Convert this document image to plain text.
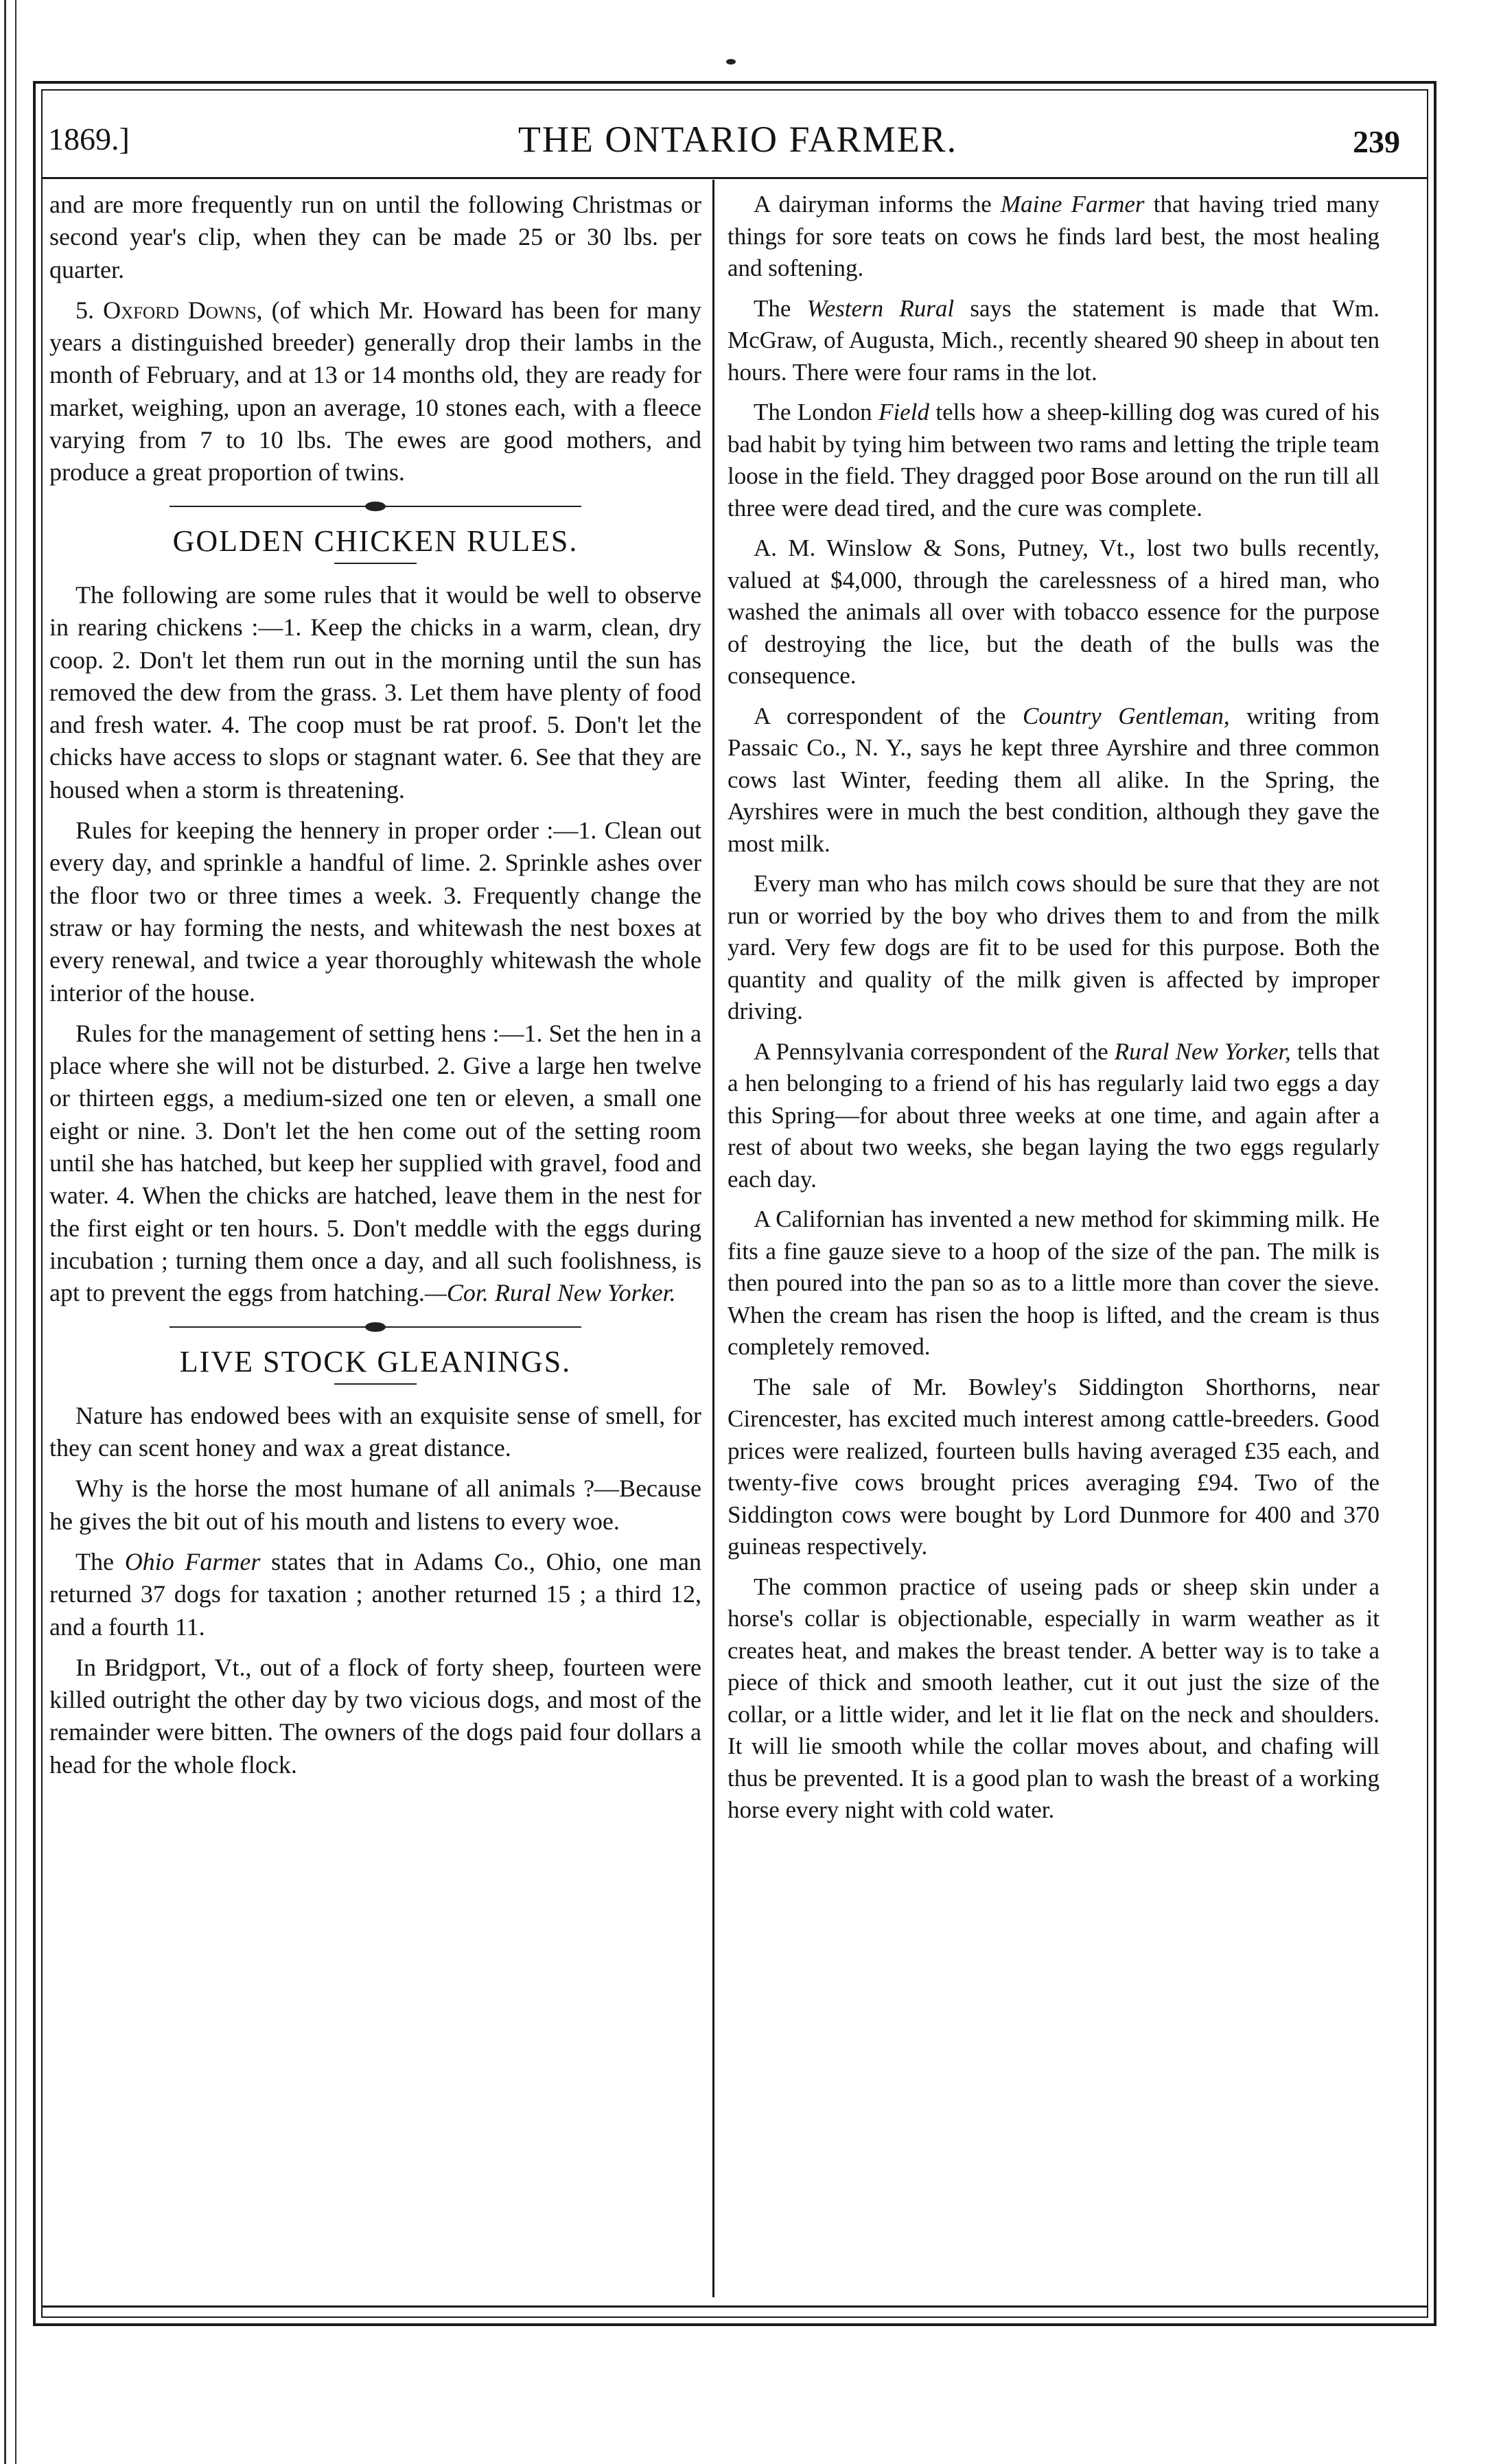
1869.]	THE ONTARIO FARMER.	239

and are more frequently run on until the following Christmas or second year's clip, when they can be made 25 or 30 lbs. per quarter.

5. Oxford Downs, (of which Mr. Howard has been for many years a distinguished breeder) generally drop their lambs in the month of February, and at 13 or 14 months old, they are ready for market, weighing, upon an average, 10 stones each, with a fleece varying from 7 to 10 lbs. The ewes are good mothers, and produce a great proportion of twins.

GOLDEN CHICKEN RULES.

The following are some rules that it would be well to observe in rearing chickens :—1. Keep the chicks in a warm, clean, dry coop. 2. Don't let them run out in the morning until the sun has removed the dew from the grass. 3. Let them have plenty of food and fresh water. 4. The coop must be rat proof. 5. Don't let the chicks have access to slops or stagnant water. 6. See that they are housed when a storm is threatening.

Rules for keeping the hennery in proper order :—1. Clean out every day, and sprinkle a handful of lime. 2. Sprinkle ashes over the floor two or three times a week. 3. Frequently change the straw or hay forming the nests, and whitewash the nest boxes at every renewal, and twice a year thoroughly whitewash the whole interior of the house.

Rules for the management of setting hens :—1. Set the hen in a place where she will not be disturbed. 2. Give a large hen twelve or thirteen eggs, a medium-sized one ten or eleven, a small one eight or nine. 3. Don't let the hen come out of the setting room until she has hatched, but keep her supplied with gravel, food and water. 4. When the chicks are hatched, leave them in the nest for the first eight or ten hours. 5. Don't meddle with the eggs during incubation ; turning them once a day, and all such foolishness, is apt to prevent the eggs from hatching.—Cor. Rural New Yorker.

LIVE STOCK GLEANINGS.

Nature has endowed bees with an exquisite sense of smell, for they can scent honey and wax a great distance.

Why is the horse the most humane of all animals ?—Because he gives the bit out of his mouth and listens to every woe.

The Ohio Farmer states that in Adams Co., Ohio, one man returned 37 dogs for taxation ; another returned 15 ; a third 12, and a fourth 11.

In Bridgport, Vt., out of a flock of forty sheep, fourteen were killed outright the other day by two vicious dogs, and most of the remainder were bitten. The owners of the dogs paid four dollars a head for the whole flock.

A dairyman informs the Maine Farmer that having tried many things for sore teats on cows he finds lard best, the most healing and softening.

The Western Rural says the statement is made that Wm. McGraw, of Augusta, Mich., recently sheared 90 sheep in about ten hours. There were four rams in the lot.

The London Field tells how a sheep-killing dog was cured of his bad habit by tying him between two rams and letting the triple team loose in the field. They dragged poor Bose around on the run till all three were dead tired, and the cure was complete.

A. M. Winslow & Sons, Putney, Vt., lost two bulls recently, valued at $4,000, through the carelessness of a hired man, who washed the animals all over with tobacco essence for the purpose of destroying the lice, but the death of the bulls was the consequence.

A correspondent of the Country Gentleman, writing from Passaic Co., N. Y., says he kept three Ayrshire and three common cows last Winter, feeding them all alike. In the Spring, the Ayrshires were in much the best condition, although they gave the most milk.

Every man who has milch cows should be sure that they are not run or worried by the boy who drives them to and from the milk yard. Very few dogs are fit to be used for this purpose. Both the quantity and quality of the milk given is affected by improper driving.

A Pennsylvania correspondent of the Rural New Yorker, tells that a hen belonging to a friend of his has regularly laid two eggs a day this Spring—for about three weeks at one time, and again after a rest of about two weeks, she began laying the two eggs regularly each day.

A Californian has invented a new method for skimming milk. He fits a fine gauze sieve to a hoop of the size of the pan. The milk is then poured into the pan so as to a little more than cover the sieve. When the cream has risen the hoop is lifted, and the cream is thus completely removed.

The sale of Mr. Bowley's Siddington Shorthorns, near Cirencester, has excited much interest among cattle-breeders. Good prices were realized, fourteen bulls having averaged £35 each, and twenty-five cows brought prices averaging £94. Two of the Siddington cows were bought by Lord Dunmore for 400 and 370 guineas respectively.

The common practice of useing pads or sheep skin under a horse's collar is objectionable, especially in warm weather as it creates heat, and makes the breast tender. A better way is to take a piece of thick and smooth leather, cut it out just the size of the collar, or a little wider, and let it lie flat on the neck and shoulders. It will lie smooth while the collar moves about, and chafing will thus be prevented. It is a good plan to wash the breast of a working horse every night with cold water.
